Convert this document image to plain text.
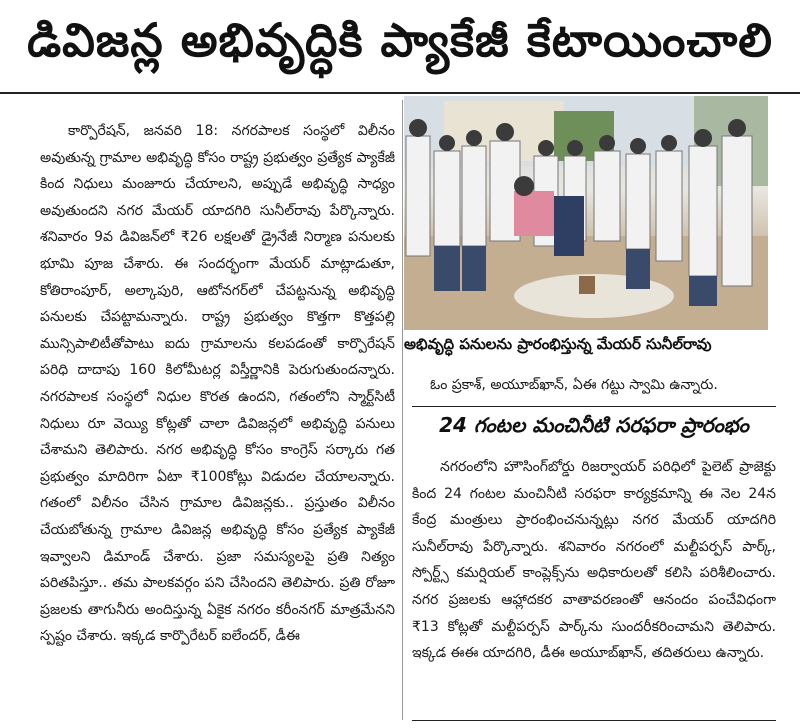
డివిజన్ల అభివృద్ధికి ప్యాకేజీ కేటాయించాలి

కార్పొరేషన్, జనవరి 18: నగరపాలక సంస్థలో విలీనం అవుతున్న గ్రామాల అభివృద్ధి కోసం రాష్ట్ర ప్రభుత్వం ప్రత్యేక ప్యాకేజీ కింద నిధులు మంజూరు చేయాలని, అప్పుడే అభివృద్ధి సాధ్యం అవుతుందని నగర మేయర్ యాదగిరి సునీల్‌రావు పేర్కొన్నారు. శనివారం 9వ డివిజన్‌లో ₹26 లక్షలతో డ్రైనేజీ నిర్మాణ పనులకు భూమి పూజ చేశారు. ఈ సందర్భంగా మేయర్ మాట్లాడుతూ, కోతిరాంపూర్, అల్కాపురి, ఆటోనగర్‌లో చేపట్టనున్న అభివృద్ధి పనులకు చేపట్టామన్నారు. రాష్ట్ర ప్రభుత్వం కొత్తగా కొత్తపల్లి మున్సిపాలిటీతోపాటు ఐదు గ్రామాలను కలపడంతో కార్పొరేషన్ పరిధి దాదాపు 160 కిలోమీటర్ల విస్తీర్ణానికి పెరుగుతుందన్నారు. నగరపాలక సంస్థలో నిధుల కొరత ఉందని, గతంలోని స్మార్ట్‌సిటీ నిధులు రూ వెయ్యి కోట్లతో చాలా డివిజన్లలో అభివృద్ధి పనులు చేశామని తెలిపారు. నగర అభివృద్ధి కోసం కాంగ్రెస్ సర్కారు గత ప్రభుత్వం మాదిరిగా ఏటా ₹100కోట్లు విడుదల చేయాలన్నారు. గతంలో విలీనం చేసిన గ్రామాల డివిజన్లకు.. ప్రస్తుతం విలీనం చేయబోతున్న గ్రామాల డివిజన్ల అభివృద్ధి కోసం ప్రత్యేక ప్యాకేజీ ఇవ్వాలని డిమాండ్ చేశారు. ప్రజా సమస్యలపై ప్రతి నిత్యం పరితపిస్తూ.. తమ పాలకవర్గం పని చేసిందని తెలిపారు. ప్రతి రోజూ ప్రజలకు తాగునీరు అందిస్తున్న ఏకైక నగరం కరీంనగర్ మాత్రమేనని స్పష్టం చేశారు. ఇక్కడ కార్పొరేటర్ ఐలేందర్, డీఈ

అభివృద్ధి పనులను ప్రారంభిస్తున్న మేయర్ సునీల్‌రావు
ఓం ప్రకాశ్, అయూబ్‌ఖాన్, ఏఈ గట్టు స్వామి ఉన్నారు.
24 గంటల మంచినీటి సరఫరా ప్రారంభం

నగరంలోని హౌసింగ్‌బోర్డు రిజర్వాయర్ పరిధిలో పైలెట్ ప్రాజెక్టు కింద 24 గంటల మంచినీటి సరఫరా కార్యక్రమాన్ని ఈ నెల 24న కేంద్ర మంత్రులు ప్రారంభించనున్నట్లు నగర మేయర్ యాదగిరి సునీల్‌రావు పేర్కొన్నారు. శనివారం నగరంలో మల్టీపర్పస్ పార్క్, స్పోర్ట్స్ కమర్షియల్ కాంప్లెక్స్‌ను అధికారులతో కలిసి పరిశీలించారు. నగర ప్రజలకు ఆహ్లాదకర వాతావరణంతో ఆనందం పంచేవిధంగా ₹13 కోట్లతో మల్టీపర్పస్ పార్క్‌ను సుందరీకరించామని తెలిపారు. ఇక్కడ ఈఈ యాదగిరి, డీఈ అయూబ్‌ఖాన్, తదితరులు ఉన్నారు.
